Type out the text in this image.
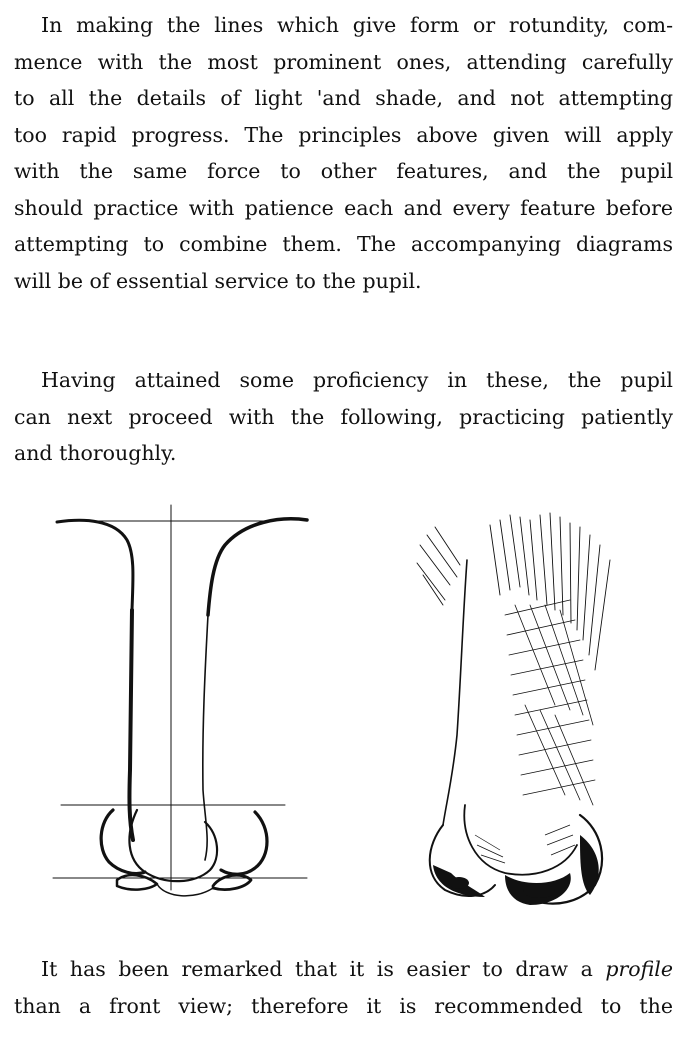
In making the lines which give form or rotundity, com-
mence with the most prominent ones, attending carefully
to all the details of light 'and shade, and not attempting
too rapid progress. The principles above given will apply
with the same force to other features, and the pupil
should practice with patience each and every feature before
attempting to combine them. The accompanying diagrams
will be of essential service to the pupil.
Having attained some proficiency in these, the pupil
can next proceed with the following, practicing patiently
and thoroughly.
It has been remarked that it is easier to draw a profile
than a front view; therefore it is recommended to the
